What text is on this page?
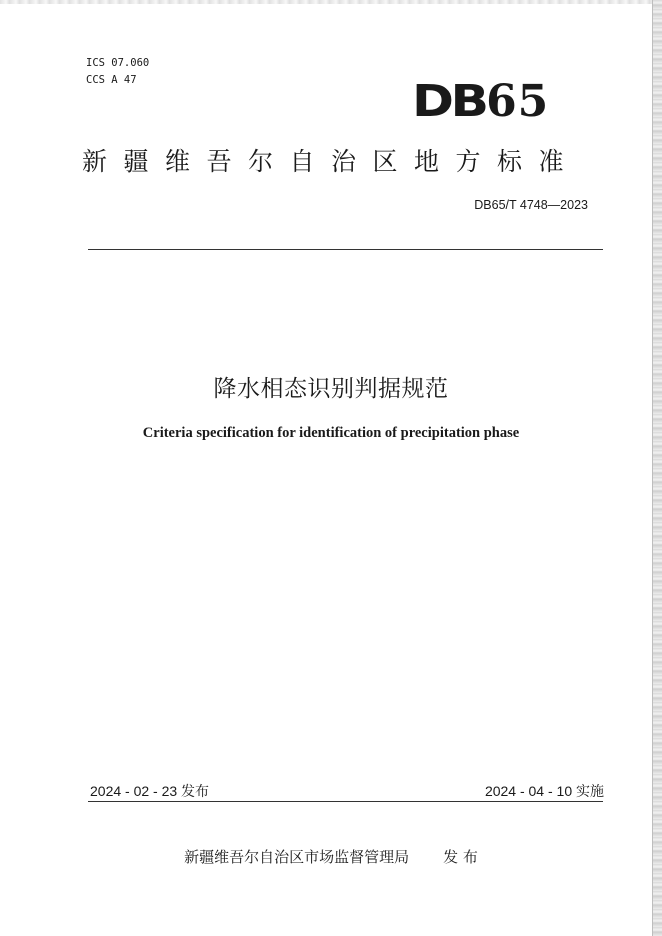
ICS 07.060
CCS A 47	DB65
新疆维吾尔自治区地方标准
DB65/T 4748—2023
降水相态识别判据规范
Criteria specification for identification of precipitation phase
2024 - 02 - 23 发布	2024 - 04 - 10 实施
新疆维吾尔自治区市场监督管理局 发 布
